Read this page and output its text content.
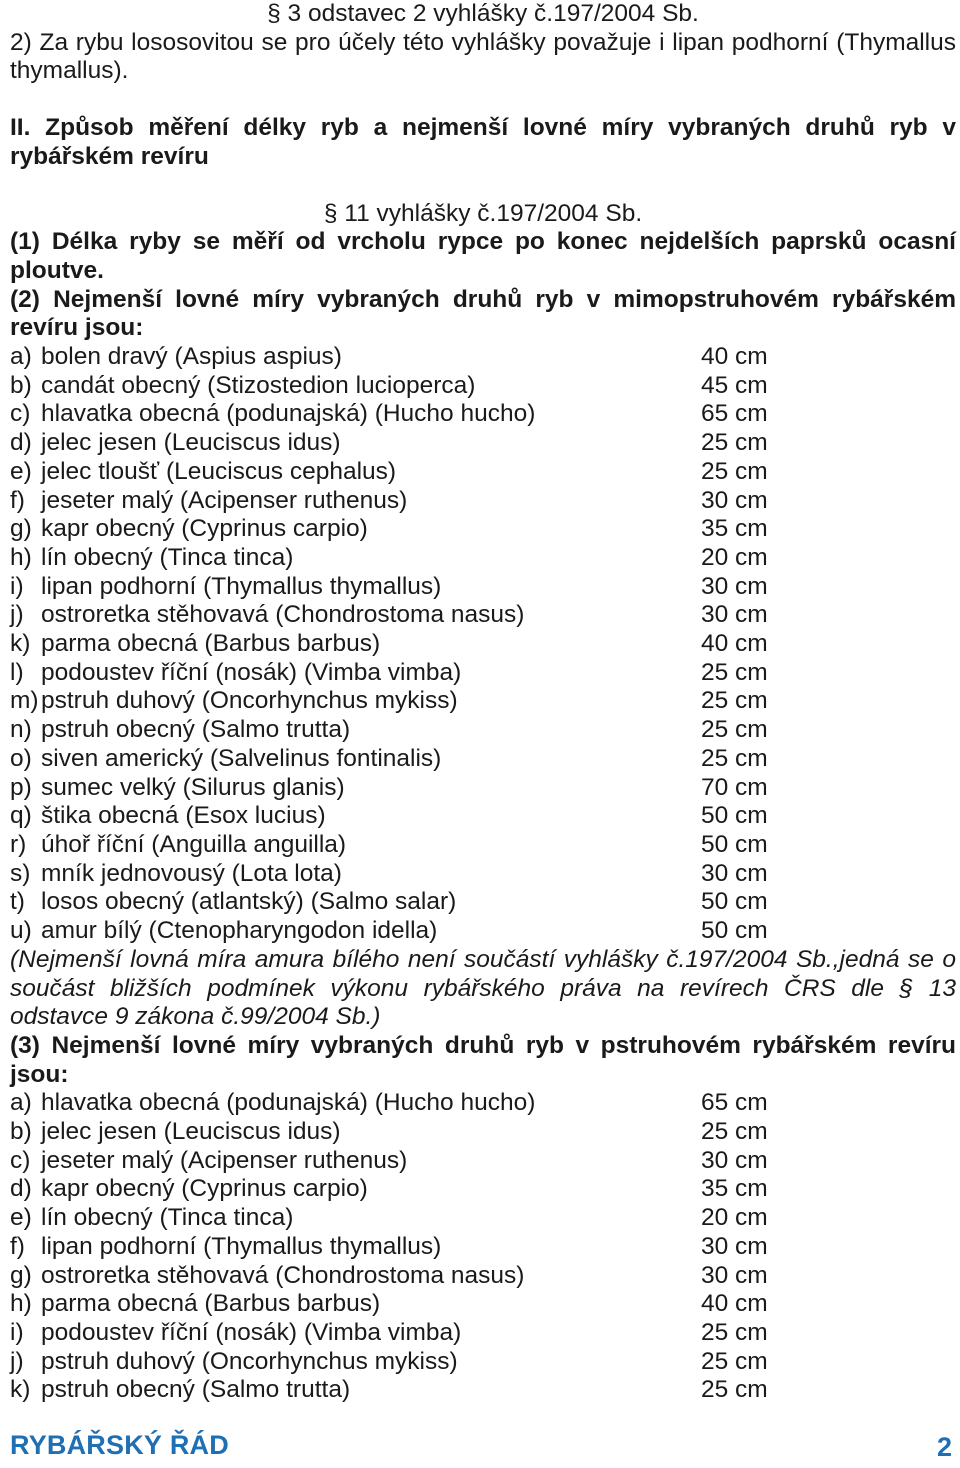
§ 3 odstavec 2 vyhlášky č.197/2004 Sb.

2) Za rybu lososovitou se pro účely této vyhlášky považuje i lipan podhorní (Thymallus thymallus).

II. Způsob měření délky ryb a nejmenší lovné míry vybraných druhů ryb v rybářském revíru

§ 11 vyhlášky č.197/2004 Sb.

(1) Délka ryby se měří od vrcholu rypce po konec nejdelších paprsků ocasní ploutve.

(2) Nejmenší lovné míry vybraných druhů ryb v mimopstruhovém rybářském revíru jsou:

a) bolen dravý (Aspius aspius)	40 cm
b) candát obecný (Stizostedion lucioperca)	45 cm
c) hlavatka obecná (podunajská) (Hucho hucho)	65 cm
d) jelec jesen (Leuciscus idus)	25 cm
e) jelec tloušť (Leuciscus cephalus)	25 cm
f) jeseter malý (Acipenser ruthenus)	30 cm
g) kapr obecný (Cyprinus carpio)	35 cm
h) lín obecný (Tinca tinca)	20 cm
i) lipan podhorní (Thymallus thymallus)	30 cm
j) ostroretka stěhovavá (Chondrostoma nasus)	30 cm
k) parma obecná (Barbus barbus)	40 cm
l) podoustev říční (nosák) (Vimba vimba)	25 cm
m) pstruh duhový (Oncorhynchus mykiss)	25 cm
n) pstruh obecný (Salmo trutta)	25 cm
o) siven americký (Salvelinus fontinalis)	25 cm
p) sumec velký (Silurus glanis)	70 cm
q) štika obecná (Esox lucius)	50 cm
r) úhoř říční (Anguilla anguilla)	50 cm
s) mník jednovousý (Lota lota)	30 cm
t) losos obecný (atlantský) (Salmo salar)	50 cm
u) amur bílý (Ctenopharyngodon idella)	50 cm

(Nejmenší lovná míra amura bílého není součástí vyhlášky č.197/2004 Sb.,jedná se o součást bližších podmínek výkonu rybářského práva na revírech ČRS dle § 13 odstavce 9 zákona č.99/2004 Sb.)

(3) Nejmenší lovné míry vybraných druhů ryb v pstruhovém rybářském revíru jsou:

a) hlavatka obecná (podunajská) (Hucho hucho)	65 cm
b) jelec jesen (Leuciscus idus)	25 cm
c) jeseter malý (Acipenser ruthenus)	30 cm
d) kapr obecný (Cyprinus carpio)	35 cm
e) lín obecný (Tinca tinca)	20 cm
f) lipan podhorní (Thymallus thymallus)	30 cm
g) ostroretka stěhovavá (Chondrostoma nasus)	30 cm
h) parma obecná (Barbus barbus)	40 cm
i) podoustev říční (nosák) (Vimba vimba)	25 cm
j) pstruh duhový (Oncorhynchus mykiss)	25 cm
k) pstruh obecný (Salmo trutta)	25 cm
RYBÁŘSKÝ ŘÁD	2
